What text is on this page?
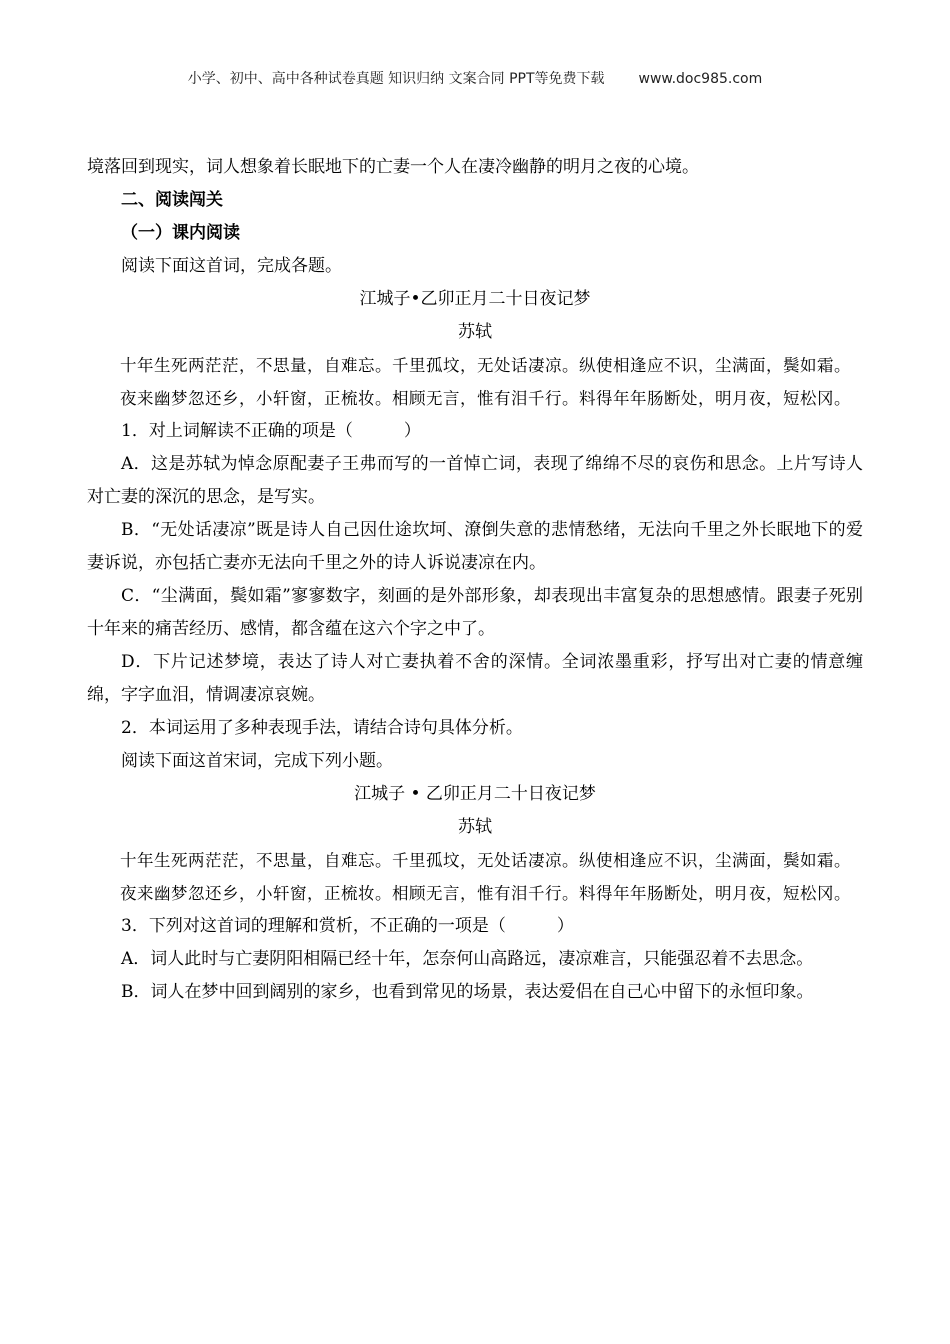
小学、初中、高中各种试卷真题 知识归纳 文案合同 PPT等免费下载 www.doc985.com

境落回到现实，词人想象着长眠地下的亡妻一个人在凄冷幽静的明月之夜的心境。

二、阅读闯关

（一）课内阅读

阅读下面这首词，完成各题。

江城子•乙卯正月二十日夜记梦

苏轼

十年生死两茫茫，不思量，自难忘。千里孤坟，无处话凄凉。纵使相逢应不识，尘满面，鬓如霜。

夜来幽梦忽还乡，小轩窗，正梳妆。相顾无言，惟有泪千行。料得年年肠断处，明月夜，短松冈。

1．对上词解读不正确的项是（　　　）

A．这是苏轼为悼念原配妻子王弗而写的一首悼亡词，表现了绵绵不尽的哀伤和思念。上片写诗人对亡妻的深沉的思念，是写实。

B．“无处话凄凉”既是诗人自己因仕途坎坷、潦倒失意的悲情愁绪，无法向千里之外长眠地下的爱妻诉说，亦包括亡妻亦无法向千里之外的诗人诉说凄凉在内。

C．“尘满面，鬓如霜”寥寥数字，刻画的是外部形象，却表现出丰富复杂的思想感情。跟妻子死别十年来的痛苦经历、感情，都含蕴在这六个字之中了。

D．下片记述梦境，表达了诗人对亡妻执着不舍的深情。全词浓墨重彩，抒写出对亡妻的情意缠绵，字字血泪，情调凄凉哀婉。

2．本词运用了多种表现手法，请结合诗句具体分析。

阅读下面这首宋词，完成下列小题。

江城子 • 乙卯正月二十日夜记梦

苏轼

十年生死两茫茫，不思量，自难忘。千里孤坟，无处话凄凉。纵使相逢应不识，尘满面，鬓如霜。

夜来幽梦忽还乡，小轩窗，正梳妆。相顾无言，惟有泪千行。料得年年肠断处，明月夜，短松冈。

3．下列对这首词的理解和赏析，不正确的一项是（　　　）

A．词人此时与亡妻阴阳相隔已经十年，怎奈何山高路远，凄凉难言，只能强忍着不去思念。

B．词人在梦中回到阔别的家乡，也看到常见的场景，表达爱侣在自己心中留下的永恒印象。
